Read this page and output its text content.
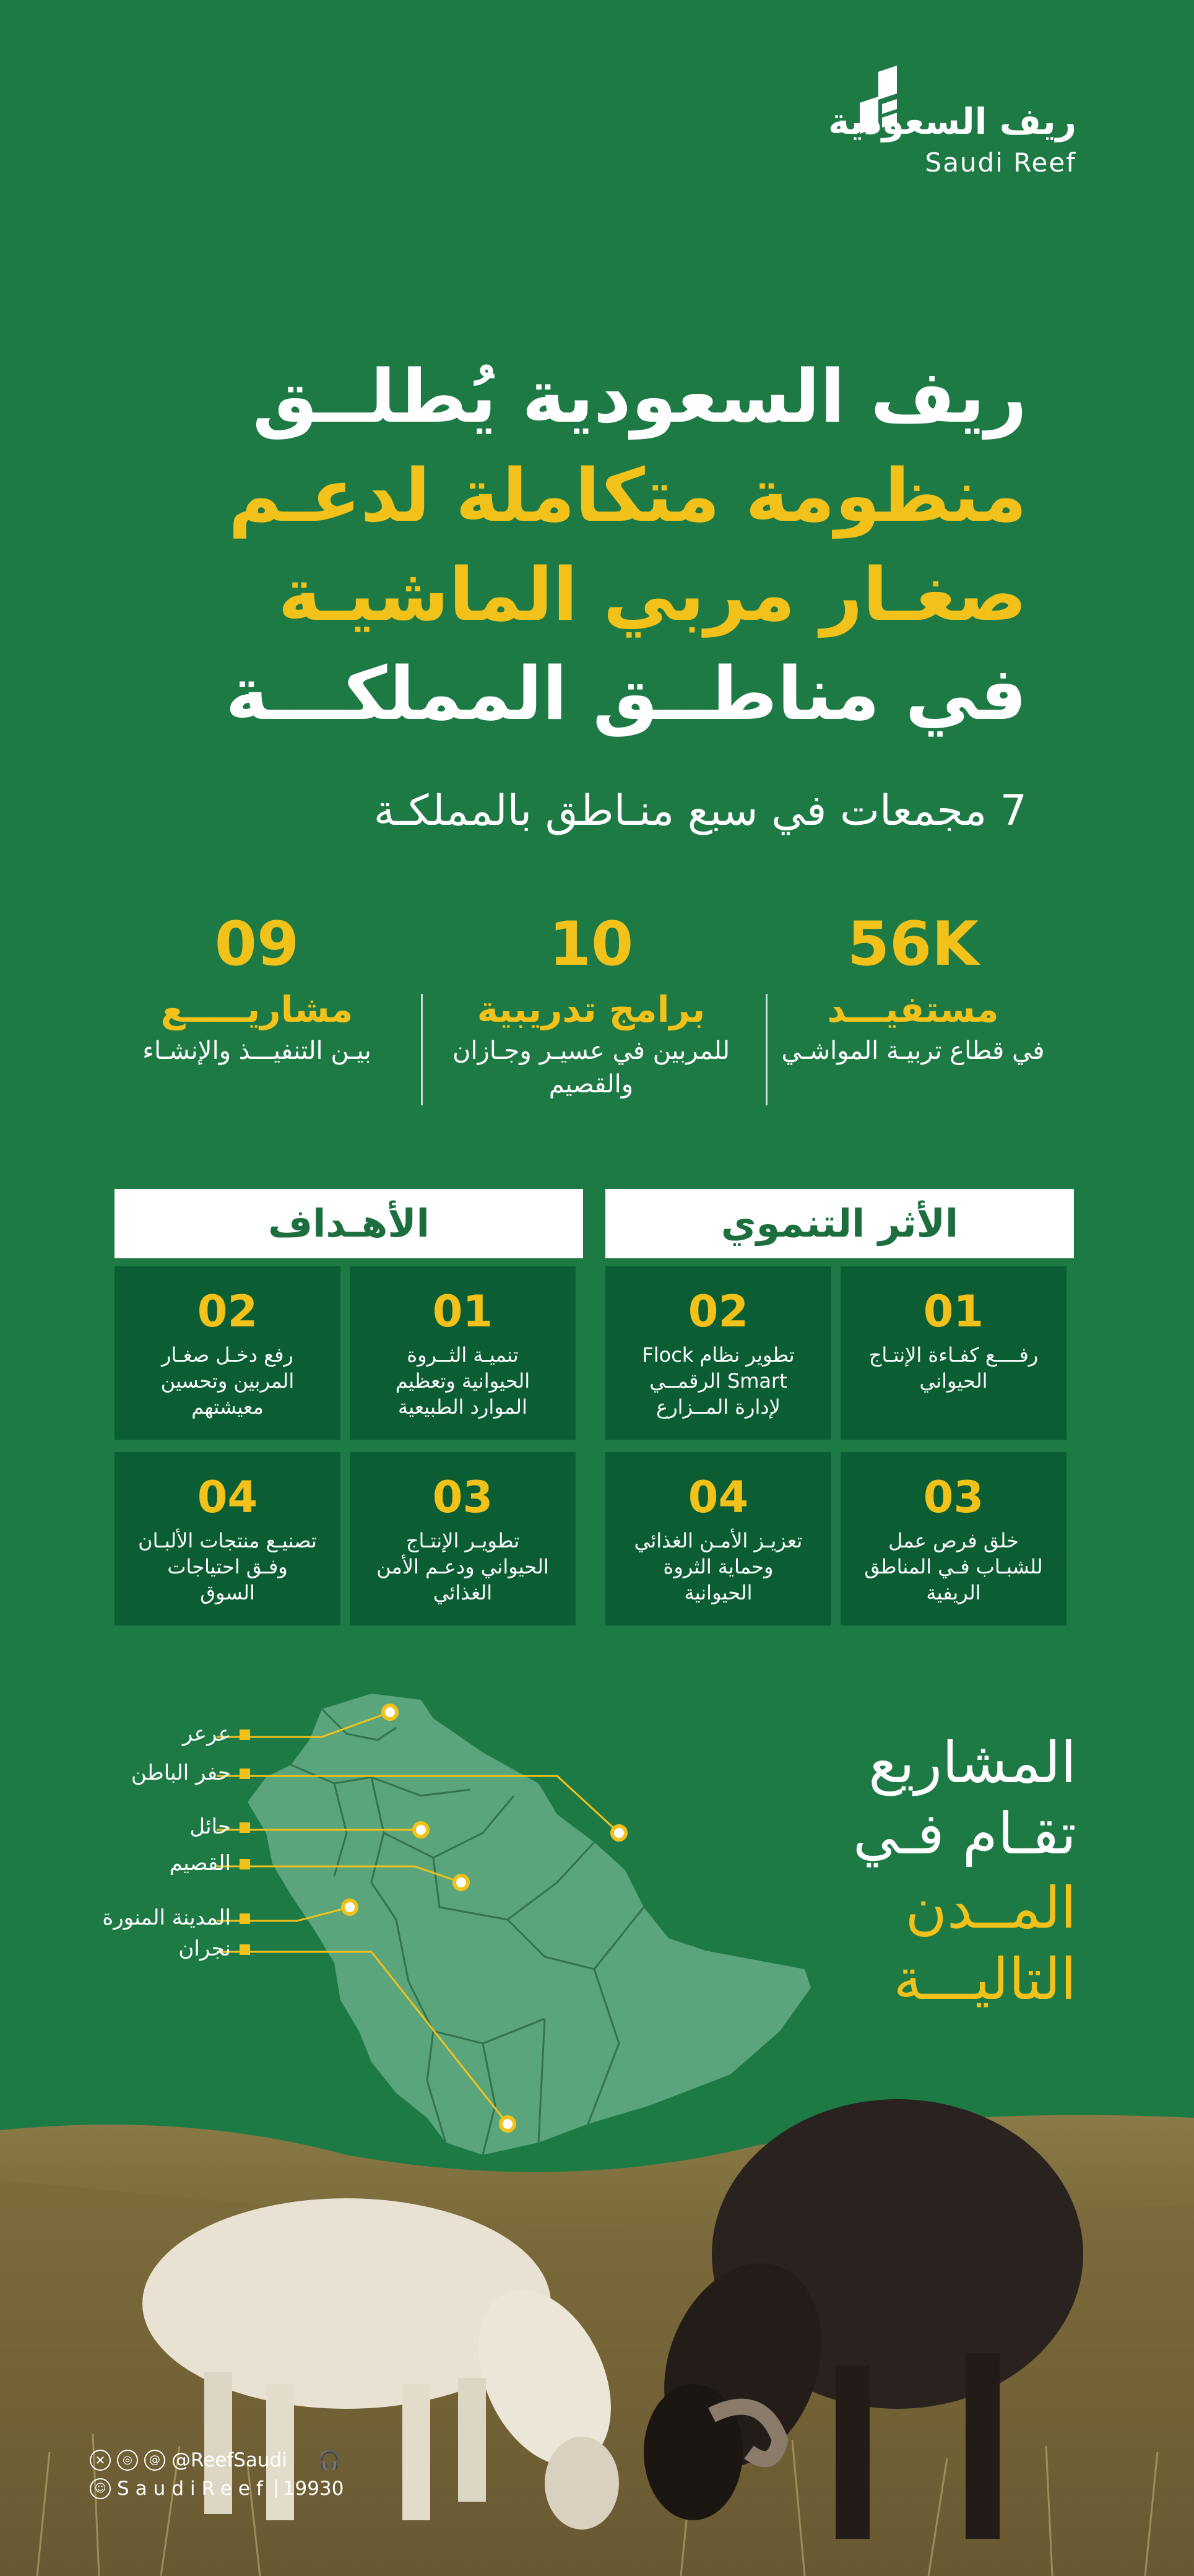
ريف السعودية
Saudi Reef
ريف السعودية يُطلــق
منظومة متكاملة لدعـم
صغـار مربي الماشيـة
في مناطــق المملكـــة
7 مجمعات في سبع منـاطق بالمملكـة
56K
مستفيـــد
في قطاع تربيـة المواشـي
10
برامج تدريبية
للمربين في عسيـر وجـازان والقصيم
09
مشاريـــــع
بيـن التنفيـــذ والإنشـاء
الأثر التنموي
الأهـداف
01
رفــــع كفـاءة الإنتـاج الحيواني
02
تطوير نظام Flock Smart الرقمــي لإدارة المــزارع
03
خلق فرص عمل للشبـاب فـي المناطق الريفية
04
تعزيـز الأمـن الغذائي وحماية الثروة الحيوانية
01
تنميـة الثــروة الحيوانية وتعظيم الموارد الطبيعية
02
رفع دخـل صغـار المربين وتحسين معيشتهم
03
تطويـر الإنتـاج الحيواني ودعـم الأمن الغذائي
04
تصنيـع منتجات الألبـان وفـق احتياجات السوق
عرعر
حفر الباطن
حائل
القصيم
المدينة المنورة
نجران
المشاريع
تقـام فـي
المــدن
التاليـــة
✕	◎	@ @ReefSaudi 🎧
☺ SaudiReef 19930
